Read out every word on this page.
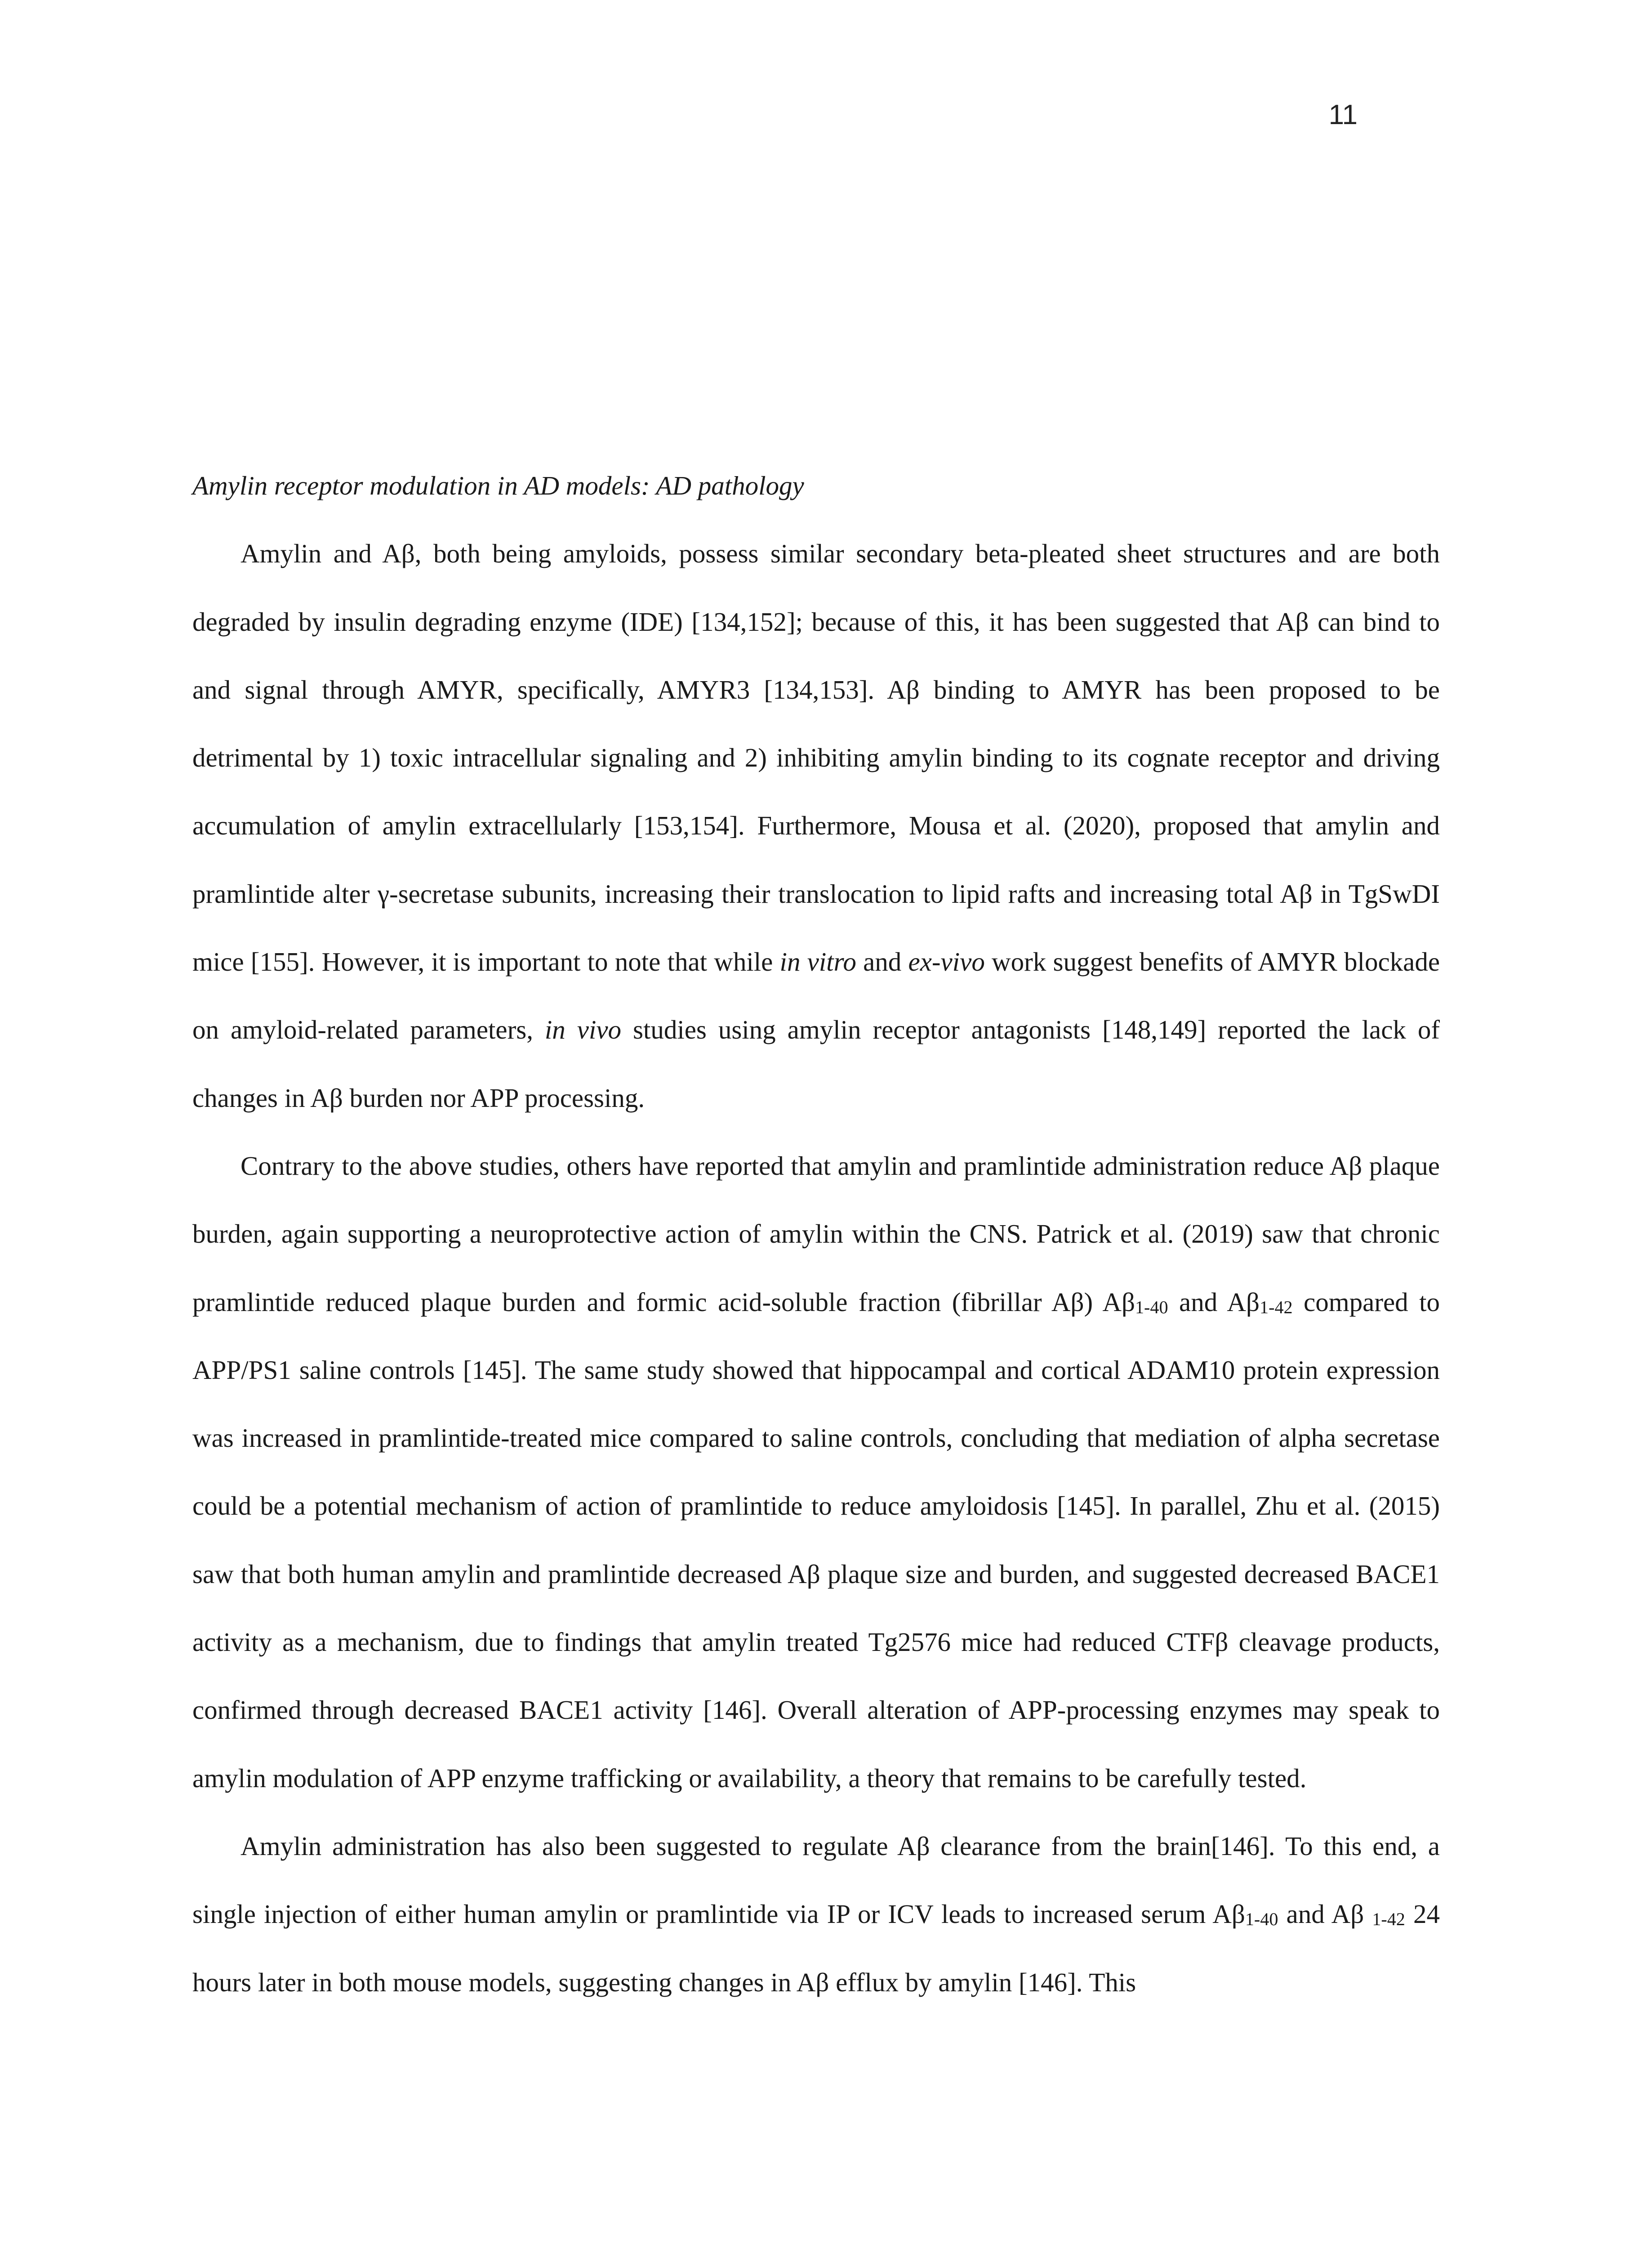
11

Amylin receptor modulation in AD models: AD pathology

Amylin and Aβ, both being amyloids, possess similar secondary beta-pleated sheet structures and are both degraded by insulin degrading enzyme (IDE) [134,152]; because of this, it has been suggested that Aβ can bind to and signal through AMYR, specifically, AMYR3 [134,153]. Aβ binding to AMYR has been proposed to be detrimental by 1) toxic intracellular signaling and 2) inhibiting amylin binding to its cognate receptor and driving accumulation of amylin extracellularly [153,154]. Furthermore, Mousa et al. (2020), proposed that amylin and pramlintide alter γ-secretase subunits, increasing their translocation to lipid rafts and increasing total Aβ in TgSwDI mice [155]. However, it is important to note that while in vitro and ex-vivo work suggest benefits of AMYR blockade on amyloid-related parameters, in vivo studies using amylin receptor antagonists [148,149] reported the lack of changes in Aβ burden nor APP processing.

Contrary to the above studies, others have reported that amylin and pramlintide administration reduce Aβ plaque burden, again supporting a neuroprotective action of amylin within the CNS. Patrick et al. (2019) saw that chronic pramlintide reduced plaque burden and formic acid-soluble fraction (fibrillar Aβ) Aβ1-40 and Aβ1-42 compared to APP/PS1 saline controls [145]. The same study showed that hippocampal and cortical ADAM10 protein expression was increased in pramlintide-treated mice compared to saline controls, concluding that mediation of alpha secretase could be a potential mechanism of action of pramlintide to reduce amyloidosis [145]. In parallel, Zhu et al. (2015) saw that both human amylin and pramlintide decreased Aβ plaque size and burden, and suggested decreased BACE1 activity as a mechanism, due to findings that amylin treated Tg2576 mice had reduced CTFβ cleavage products, confirmed through decreased BACE1 activity [146]. Overall alteration of APP-processing enzymes may speak to amylin modulation of APP enzyme trafficking or availability, a theory that remains to be carefully tested.

Amylin administration has also been suggested to regulate Aβ clearance from the brain[146]. To this end, a single injection of either human amylin or pramlintide via IP or ICV leads to increased serum Aβ1-40 and Aβ 1-42 24 hours later in both mouse models, suggesting changes in Aβ efflux by amylin [146]. This
